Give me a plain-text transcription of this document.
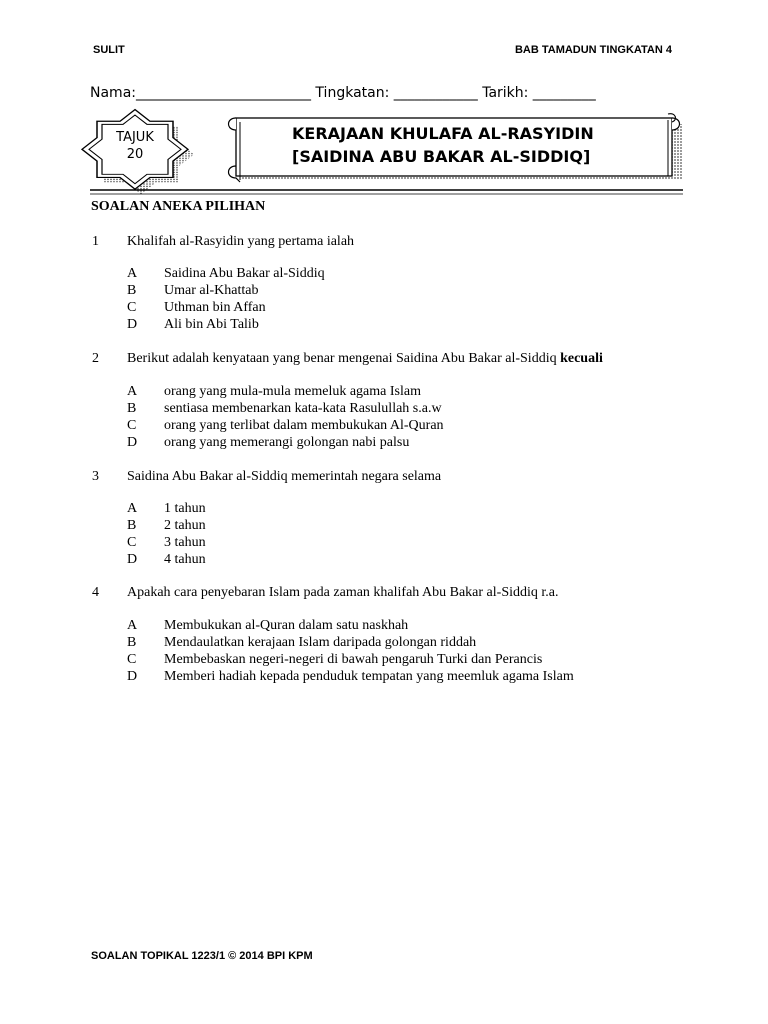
SULIT	BAB TAMADUN TINGKATAN 4
Nama:_________________________ Tingkatan: ____________ Tarikh: _________
TAJUK
20
KERAJAAN KHULAFA AL-RASYIDIN
[SAIDINA ABU BAKAR AL-SIDDIQ]
SOALAN ANEKA PILIHAN
1 Khalifah al-Rasyidin yang pertama ialah
A Saidina Abu Bakar al-Siddiq
B Umar al-Khattab
C Uthman bin Affan
D Ali bin Abi Talib
2 Berikut adalah kenyataan yang benar mengenai Saidina Abu Bakar al-Siddiq kecuali
A orang yang mula-mula memeluk agama Islam
B sentiasa membenarkan kata-kata Rasulullah s.a.w
C orang yang terlibat dalam membukukan Al-Quran
D orang yang memerangi golongan nabi palsu
3 Saidina Abu Bakar al-Siddiq memerintah negara selama
A 1 tahun
B 2 tahun
C 3 tahun
D 4 tahun
4 Apakah cara penyebaran Islam pada zaman khalifah Abu Bakar al-Siddiq r.a.
A Membukukan al-Quran dalam satu naskhah
B Mendaulatkan kerajaan Islam daripada golongan riddah
C Membebaskan negeri-negeri di bawah pengaruh Turki dan Perancis
D Memberi hadiah kepada penduduk tempatan yang meemluk agama Islam
SOALAN TOPIKAL 1223/1 © 2014 BPI KPM
